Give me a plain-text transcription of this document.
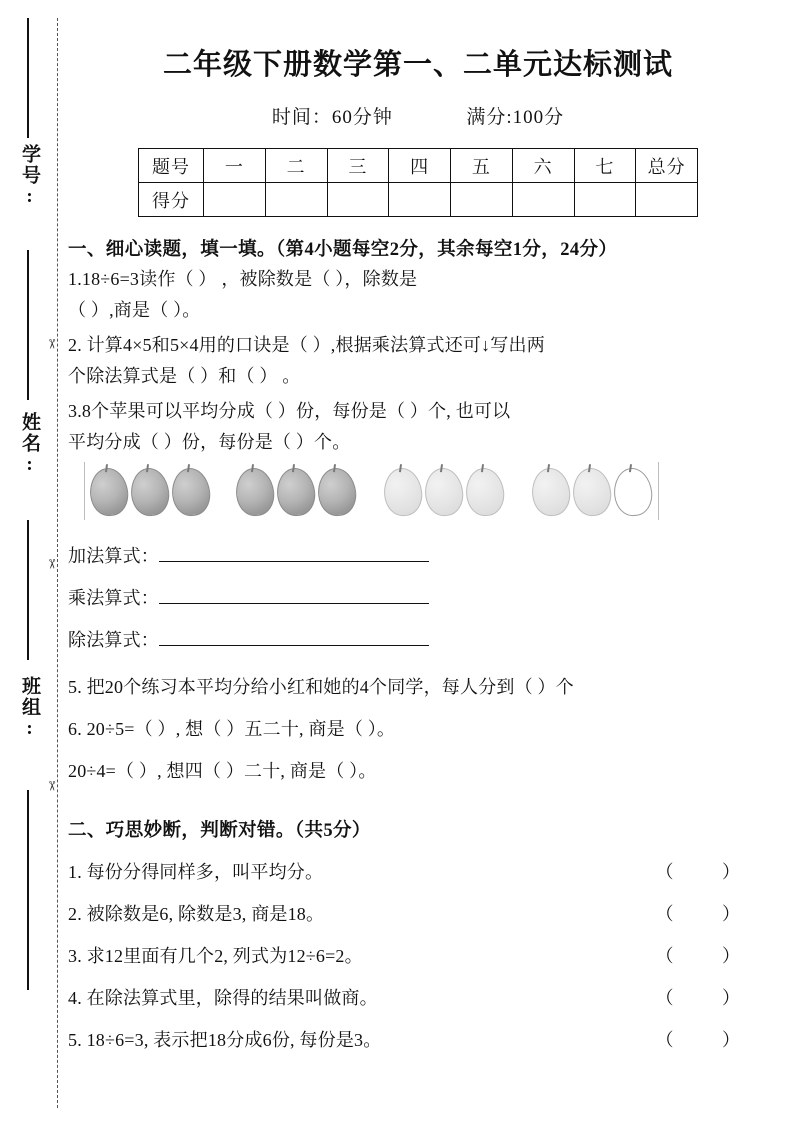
学号:
姓名:
班组:
✂
✂
✂
二年级下册数学第一、二单元达标测试
时间：60分钟	满分:100分
题号	一	二	三	四	五	六	七	总分
得分								
一、细心读题，填一填。（第4小题每空2分，其余每空1分，24分）
1.18÷6=3读作（ ） ，被除数是（ ），除数是
（ ）,商是（ ）。
2. 计算4×5和5×4用的口诀是（ ）,根据乘法算式还可↓写出两
个除法算式是（ ）和（ ） 。
3.8个苹果可以平均分成（ ）份，每份是（ ）个, 也可以
平均分成（ ）份，每份是（ ）个。
加法算式：
乘法算式：
除法算式：
5. 把20个练习本平均分给小红和她的4个同学，每人分到（ ）个
6. 20÷5=（ ）, 想（ ）五二十, 商是（ ）。
20÷4=（ ）, 想四（ ）二十, 商是（ ）。
二、巧思妙断，判断对错。（共5分）
1. 每份分得同样多，叫平均分。	（ ）
2. 被除数是6, 除数是3, 商是18。	（ ）
3. 求12里面有几个2, 列式为12÷6=2。	（ ）
4. 在除法算式里，除得的结果叫做商。	（ ）
5. 18÷6=3, 表示把18分成6份, 每份是3。	（ ）
